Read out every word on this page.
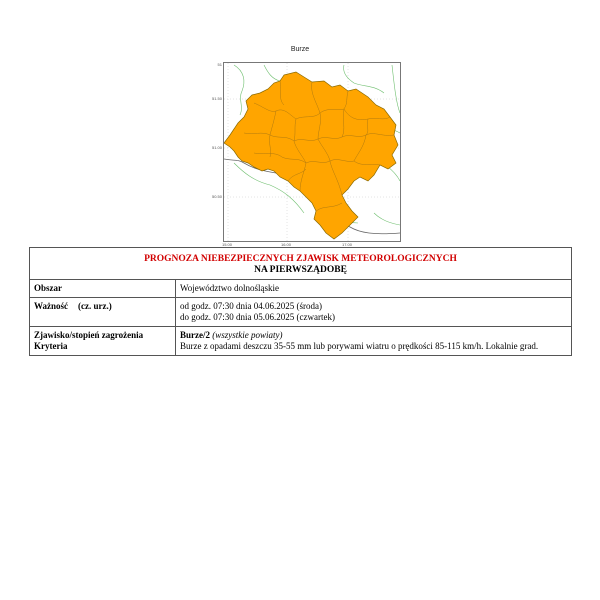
Burze
51
51.50
51.00
50.50
15.00	16.00	17.00
PROGNOZA NIEBEZPIECZNYCH ZJAWISK METEOROLOGICZNYCH
NA PIERWSZĄDOBĘ	

Obszar	Województwo dolnośląskie
Ważność (cz. urz.)	od godz. 07:30 dnia 04.06.2025 (środa)
do godz. 07:30 dnia 05.06.2025 (czwartek)

Zjawisko/stopień zagrożenia
Kryteria	Burze/2 (wszystkie powiaty)
Burze z opadami deszczu 35-55 mm lub porywami wiatru o prędkości 85-115 km/h. Lokalnie grad.
